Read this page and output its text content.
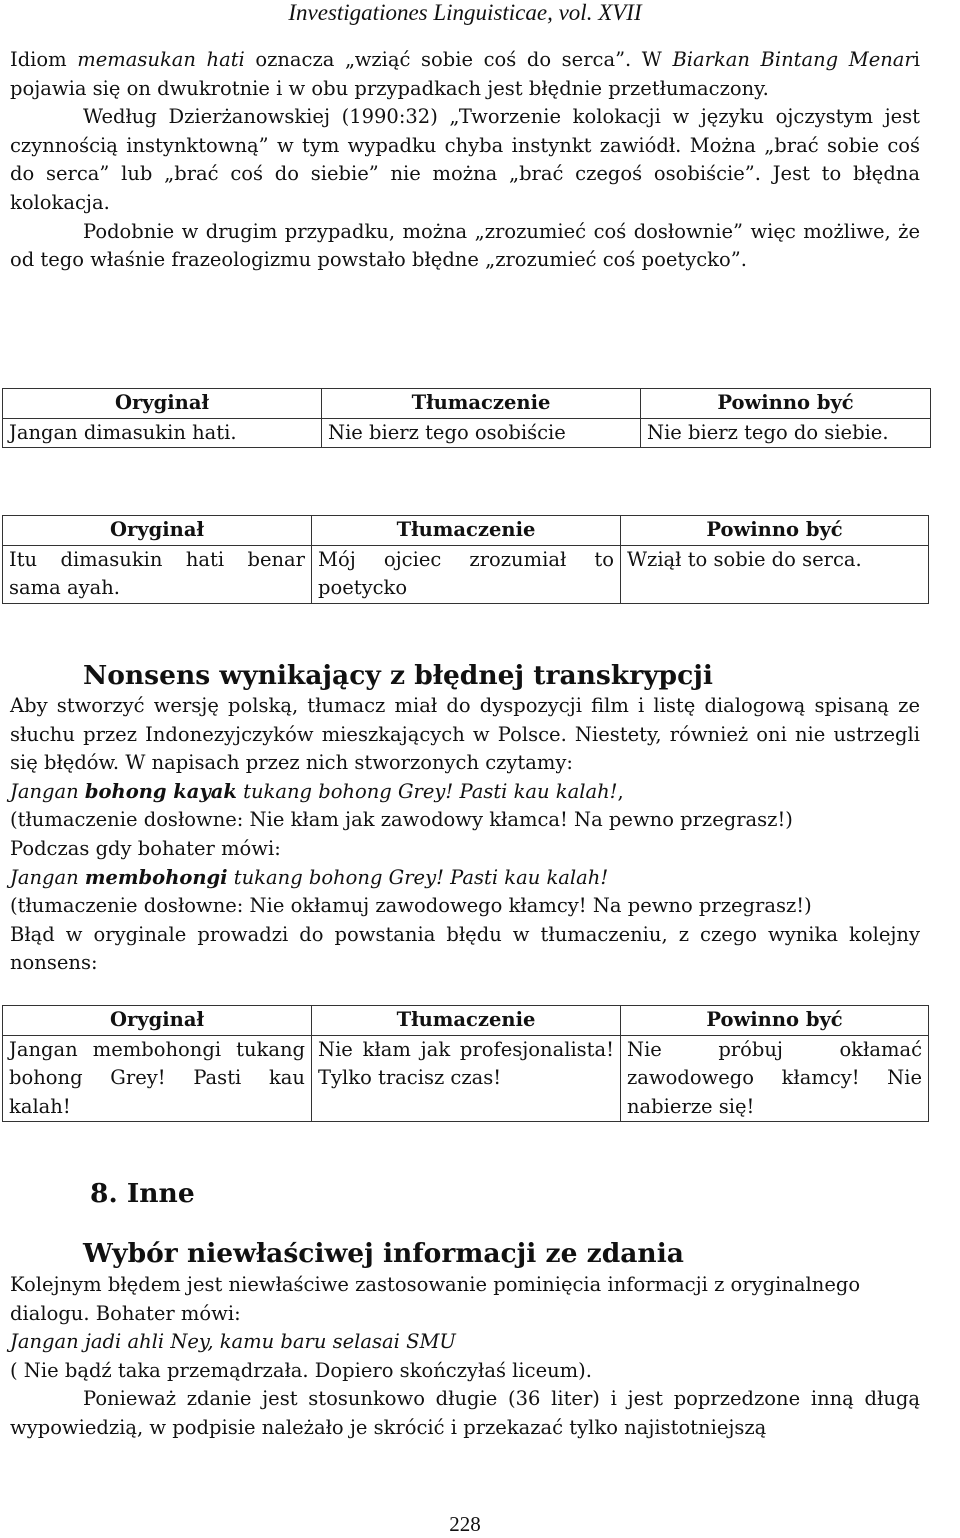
Investigationes Linguisticae, vol. XVII

Idiom memasukan hati oznacza „wziąć sobie coś do serca”. W Biarkan Bintang Menari pojawia się on dwukrotnie i w obu przypadkach jest błędnie przetłumaczony.

Według Dzierżanowskiej (1990:32) „Tworzenie kolokacji w języku ojczystym jest czynnością instynktowną” w tym wypadku chyba instynkt zawiódł. Można „brać sobie coś do serca” lub „brać coś do siebie” nie można „brać czegoś osobiście”. Jest to błędna kolokacja.

Podobnie w drugim przypadku, można „zrozumieć coś dosłownie” więc możliwe, że od tego właśnie frazeologizmu powstało błędne „zrozumieć coś poetycko”.

Oryginał	Tłumaczenie	Powinno być
Jangan dimasukin hati.	Nie bierz tego osobiście	Nie bierz tego do siebie.
Oryginał	Tłumaczenie	Powinno być
Itu dimasukin hati benar sama ayah.	Mój ojciec zrozumiał to poetycko	Wziął to sobie do serca.
Nonsens wynikający z błędnej transkrypcji

Aby stworzyć wersję polską, tłumacz miał do dyspozycji film i listę dialogową spisaną ze słuchu przez Indonezyjczyków mieszkających w Polsce. Niestety, również oni nie ustrzegli się błędów. W napisach przez nich stworzonych czytamy:

Jangan bohong kayak tukang bohong Grey! Pasti kau kalah!,

(tłumaczenie dosłowne: Nie kłam jak zawodowy kłamca! Na pewno przegrasz!)

Podczas gdy bohater mówi:

Jangan membohongi tukang bohong Grey! Pasti kau kalah!

(tłumaczenie dosłowne: Nie okłamuj zawodowego kłamcy! Na pewno przegrasz!)

Błąd w oryginale prowadzi do powstania błędu w tłumaczeniu, z czego wynika kolejny nonsens:

Oryginał	Tłumaczenie	Powinno być
Jangan membohongi tukang bohong Grey! Pasti kau kalah!	Nie kłam jak profesjonalista! Tylko tracisz czas!	Nie próbuj okłamać zawodowego kłamcy! Nie nabierze się!
8. Inne
Wybór niewłaściwej informacji ze zdania

Kolejnym błędem jest niewłaściwe zastosowanie pominięcia informacji z oryginalnego dialogu. Bohater mówi:

Jangan jadi ahli Ney, kamu baru selasai SMU

( Nie bądź taka przemądrzała. Dopiero skończyłaś liceum).

Ponieważ zdanie jest stosunkowo długie (36 liter) i jest poprzedzone inną długą wypowiedzią, w podpisie należało je skrócić i przekazać tylko najistotniejszą

228
